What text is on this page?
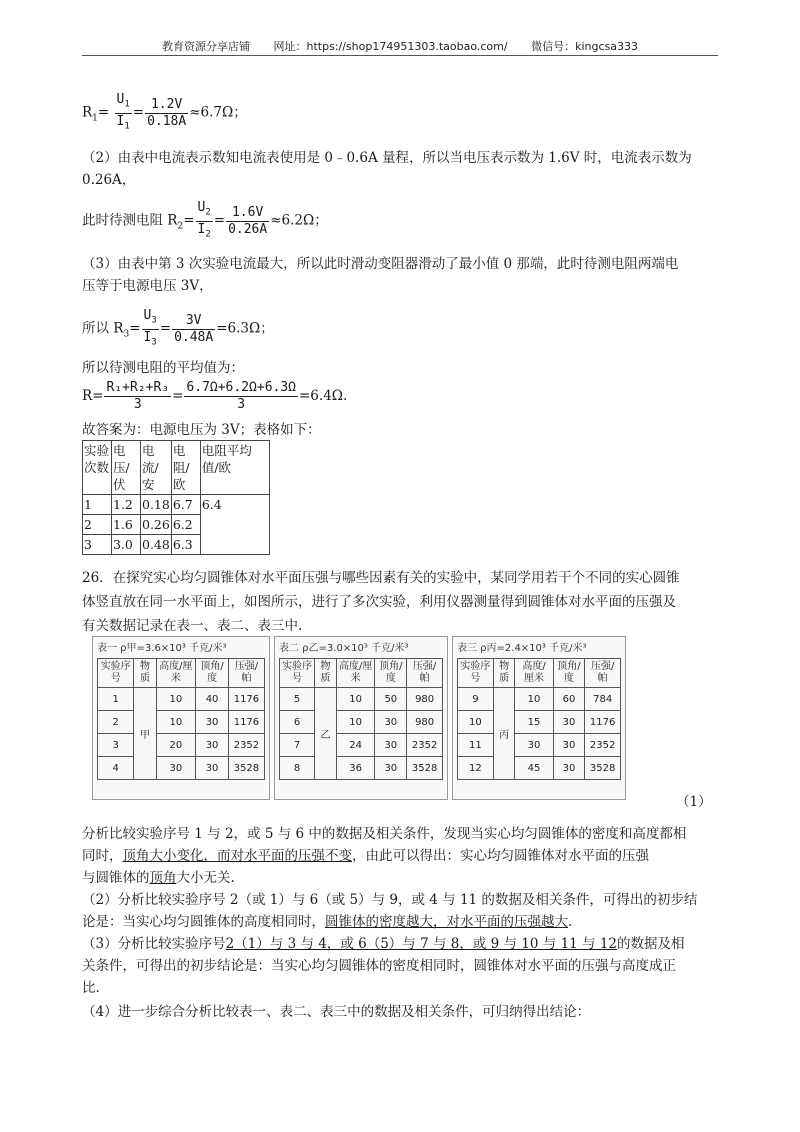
教育资源分享店铺 网址：https://shop174951303.taobao.com/ 微信号：kingcsa333
$R_1= \frac{U_1}{I_1} = \frac{1.2V}{0.18A} \approx 6.7\Omega$；
（2）由表中电流表示数知电流表使用是 0﹣0.6A 量程，所以当电压表示数为 1.6V 时，电流表示数为
0.26A，
此时待测电阻 $R_2= \frac{U_2}{I_2} = \frac{1.6V}{0.26A} \approx 6.2\Omega$；
（3）由表中第 3 次实验电流最大，所以此时滑动变阻器滑动了最小值 0 那端，此时待测电阻两端电
压等于电源电压 3V，
所以 $R_3= \frac{U_3}{I_3} = \frac{3V}{0.48A} =6.3\Omega$；
所以待测电阻的平均值为：
$R= \frac{\text{R₁+R₂+R₃}}{3} = \frac{6.7\Omega+6.2\Omega+6.3\Omega}{3} =6.4\Omega$.
故答案为：电源电压为 3V；表格如下：
实验次数	电压/伏	电流/安	电阻/欧	电阻平均值/欧
1	1.2	0.18	6.7	6.4
2	1.6	0.26	6.2	
3	3.0	0.48	6.3	
26．在探究实心均匀圆锥体对水平面压强与哪些因素有关的实验中，某同学用若干个不同的实心圆锥
体竖直放在同一水平面上，如图所示，进行了多次实验，利用仪器测量得到圆锥体对水平面的压强及
有关数据记录在表一、表二、表三中.
表一 ρ甲=3.6×10³ 千克/米³
实验序号	物质	高度/厘米	顶角/度	压强/帕
1	甲	10	40	1176
2		10	30	1176
3		20	30	2352
4		30	30	3528
表二 ρ乙=3.0×10³ 千克/米³
实验序号	物质	高度/厘米	顶角/度	压强/帕
5	乙	10	50	980
6		10	30	980
7		24	30	2352
8		36	30	3528
表三 ρ丙=2.4×10³ 千克/米³
实验序号	物质	高度/厘米	顶角/度	压强/帕
9	丙	10	60	784
10		15	30	1176
11		30	30	2352
12		45	30	3528
（1）
分析比较实验序号 1 与 2，或 5 与 6 中的数据及相关条件，发现当实心均匀圆锥体的密度和高度都相
同时，顶角大小变化，而对水平面的压强不变，由此可以得出：实心均匀圆锥体对水平面的压强
与圆锥体的顶角大小无关.
（2）分析比较实验序号 2（或 1）与 6（或 5）与 9，或 4 与 11 的数据及相关条件，可得出的初步结
论是：当实心均匀圆锥体的高度相同时，圆锥体的密度越大，对水平面的压强越大.
（3）分析比较实验序号2（1）与 3 与 4，或 6（5）与 7 与 8，或 9 与 10 与 11 与 12的数据及相
关条件，可得出的初步结论是：当实心均匀圆锥体的密度相同时，圆锥体对水平面的压强与高度成正
比.
（4）进一步综合分析比较表一、表二、表三中的数据及相关条件，可归纳得出结论：
